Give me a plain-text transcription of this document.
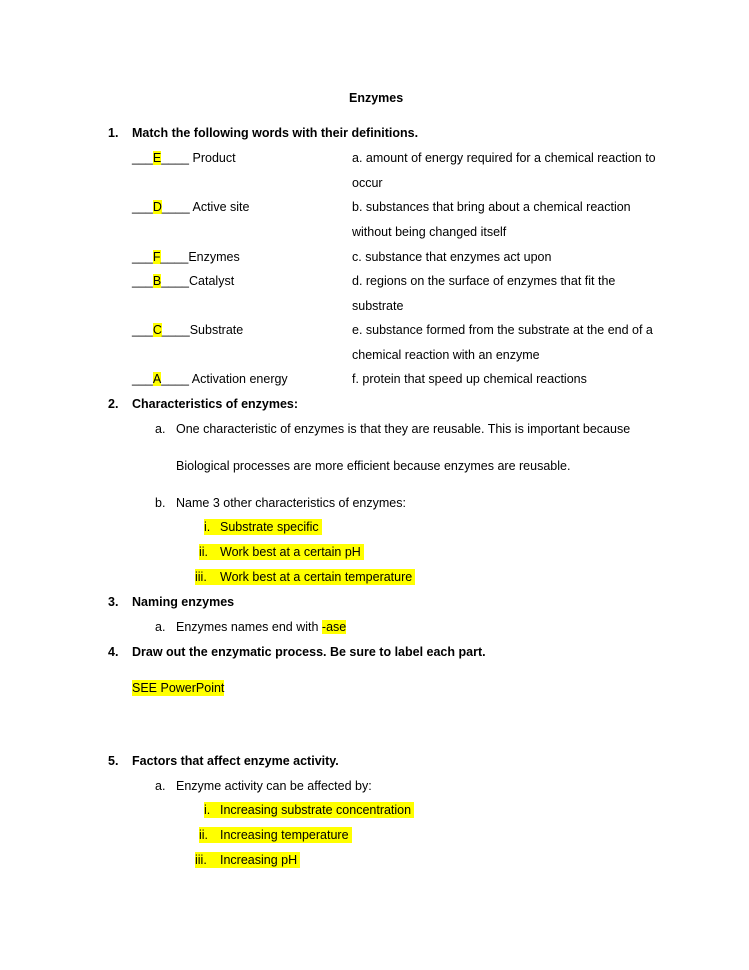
Enzymes
1. Match the following words with their definitions.
___E____ Product
___D____ Active site
___F____Enzymes
___B____Catalyst
___C____Substrate
___A____ Activation energy
a. amount of energy required for a chemical reaction to
occur
b. substances that bring about a chemical reaction
without being changed itself
c. substance that enzymes act upon
d. regions on the surface of enzymes that fit the
substrate
e. substance formed from the substrate at the end of a
chemical reaction with an enzyme
f. protein that speed up chemical reactions
2. Characteristics of enzymes:
a. One characteristic of enzymes is that they are reusable. This is important because
Biological processes are more efficient because enzymes are reusable.
b. Name 3 other characteristics of enzymes:
i. Substrate specific
ii. Work best at a certain pH
iii. Work best at a certain temperature
3. Naming enzymes
a. Enzymes names end with -ase
4. Draw out the enzymatic process. Be sure to label each part.
SEE PowerPoint
5. Factors that affect enzyme activity.
a. Enzyme activity can be affected by:
i. Increasing substrate concentration
ii. Increasing temperature
iii. Increasing pH
